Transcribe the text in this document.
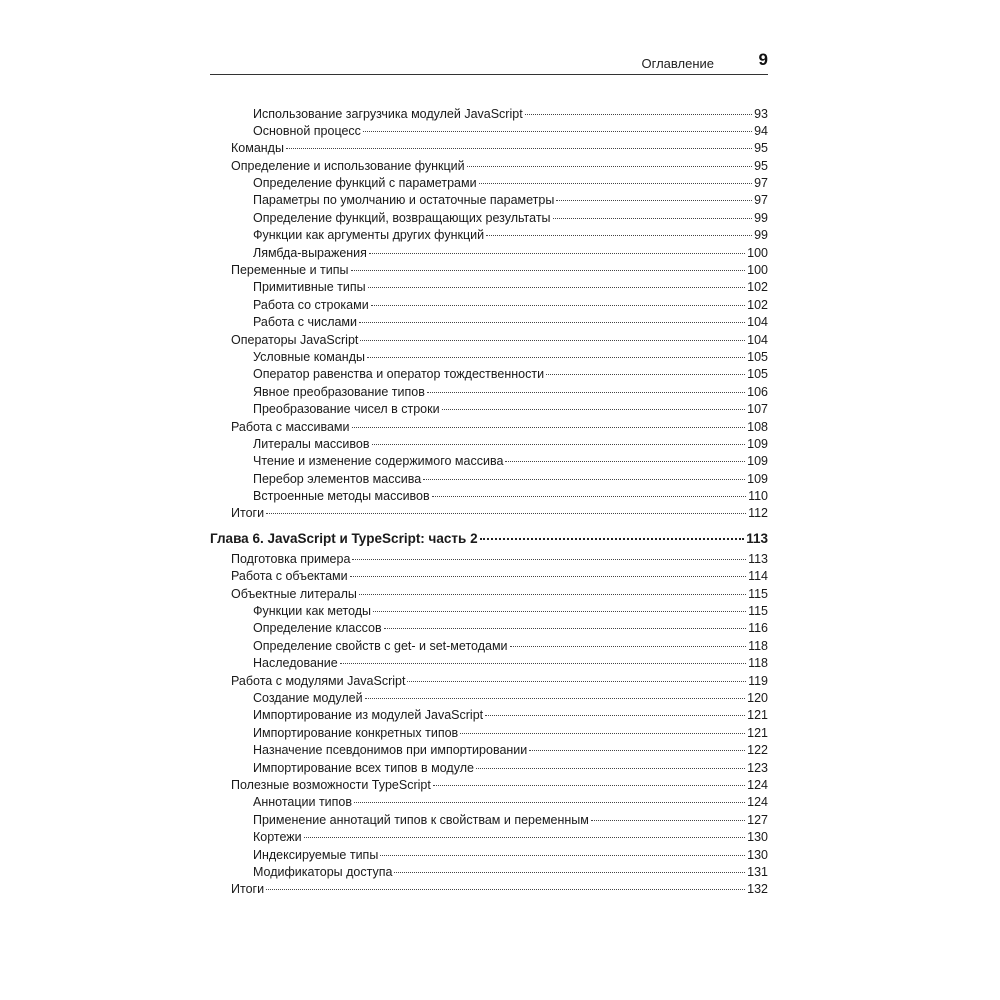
Оглавление	9
Использование загрузчика модулей JavaScript	93
Основной процесс	94
Команды	95
Определение и использование функций	95
Определение функций с параметрами	97
Параметры по умолчанию и остаточные параметры	97
Определение функций, возвращающих результаты	99
Функции как аргументы других функций	99
Лямбда-выражения	100
Переменные и типы	100
Примитивные типы	102
Работа со строками	102
Работа с числами	104
Операторы JavaScript	104
Условные команды	105
Оператор равенства и оператор тождественности	105
Явное преобразование типов	106
Преобразование чисел в строки	107
Работа с массивами	108
Литералы массивов	109
Чтение и изменение содержимого массива	109
Перебор элементов массива	109
Встроенные методы массивов	110
Итоги	112
Глава 6. JavaScript и TypeScript: часть 2	113
Подготовка примера	113
Работа с объектами	114
Объектные литералы	115
Функции как методы	115
Определение классов	116
Определение свойств с get- и set-методами	118
Наследование	118
Работа с модулями JavaScript	119
Создание модулей	120
Импортирование из модулей JavaScript	121
Импортирование конкретных типов	121
Назначение псевдонимов при импортировании	122
Импортирование всех типов в модуле	123
Полезные возможности TypeScript	124
Аннотации типов	124
Применение аннотаций типов к свойствам и переменным	127
Кортежи	130
Индексируемые типы	130
Модификаторы доступа	131
Итоги	132
